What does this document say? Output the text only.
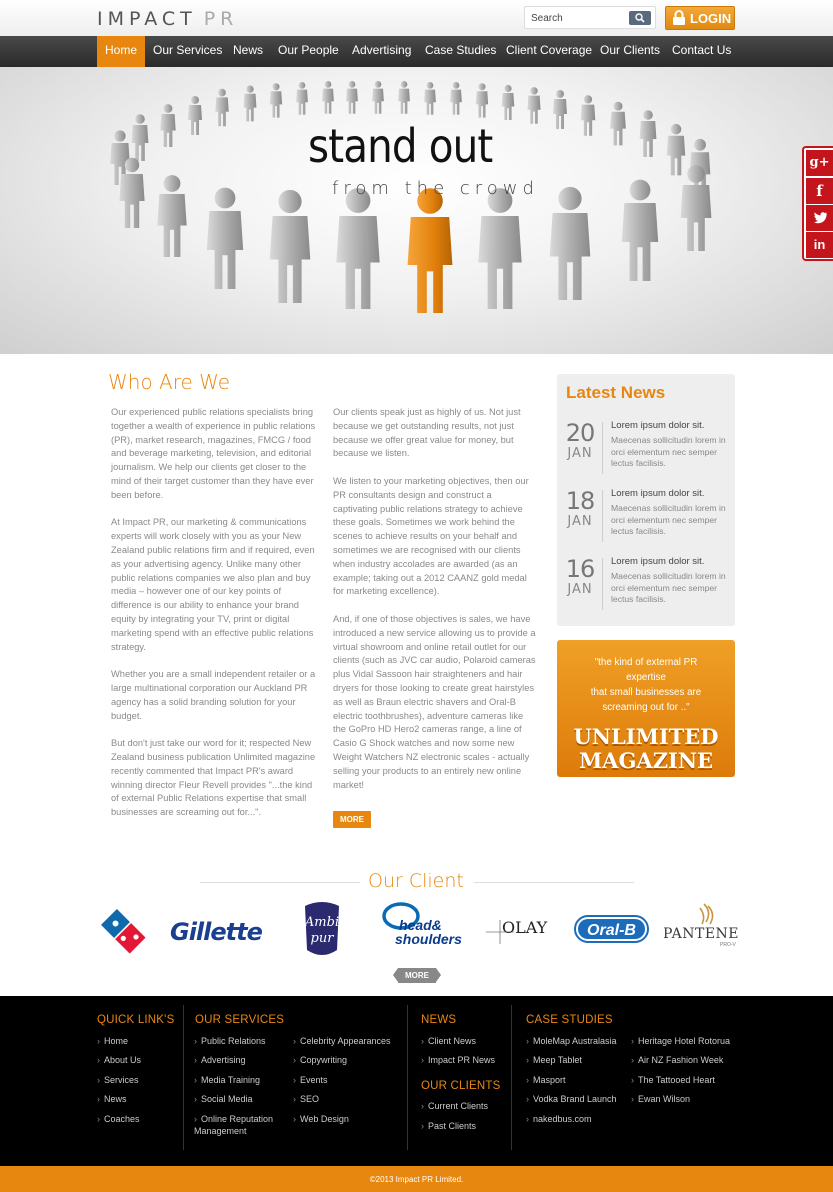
IMPACT  PR
Search	LOGIN
Home	Our Services News	Our People	Advertising	Case Studies Client Coverage Our Clients Contact Us
stand out
from the crowd
g+
f
in
Who Are We

Our experienced public relations specialists bring together a wealth of experience in public relations (PR), market research, magazines, FMCG / food and beverage marketing, television, and editorial journalism. We help our clients get closer to the mind of their target customer than they have ever been before.

At Impact PR, our marketing & communications experts will work closely with you as your New Zealand public relations firm and if required, even as your advertising agency. Unlike many other public relations companies we also plan and buy media – however one of our key points of difference is our ability to enhance your brand equity by integrating your TV, print or digital marketing spend with an effective public relations strategy.

Whether you are a small independent retailer or a large multinational corporation our Auckland PR agency has a solid branding solution for your budget.

But don't just take our word for it; respected New Zealand business publication Unlimited magazine recently commented that Impact PR's award winning director Fleur Revell provides "...the kind of external Public Relations expertise that small businesses are screaming out for...".

Our clients speak just as highly of us. Not just because we get outstanding results, not just because we offer great value for money, but because we listen.

We listen to your marketing objectives, then our PR consultants design and construct a captivating public relations strategy to achieve these goals. Sometimes we work behind the scenes to achieve results on your behalf and sometimes we are recognised with our clients when industry accolades are awarded (as an example; taking out a 2012 CAANZ gold medal for marketing excellence).

And, if one of those objectives is sales, we have introduced a new service allowing us to provide a virtual showroom and online retail outlet for our clients (such as JVC car audio, Polaroid cameras plus Vidal Sassoon hair straighteners and hair dryers for those looking to create great hairstyles as well as Braun electric shavers and Oral-B electric toothbrushes), adventure cameras like the GoPro HD Hero2 cameras range, a line of Casio G Shock watches and now some new Weight Watchers NZ electronic scales - actually selling your products to an entirely new online market!

MORE
Latest News
20
JAN
Lorem ipsum dolor sit.
Maecenas sollicitudin lorem in orci elementum nec semper lectus facilisis.
18
JAN
Lorem ipsum dolor sit.
Maecenas sollicitudin lorem in orci elementum nec semper lectus facilisis.
16
JAN
Lorem ipsum dolor sit.
Maecenas sollicitudin lorem in orci elementum nec semper lectus facilisis.
"the kind of external PR
expertise
that small businesses are
screaming out for .."
UNLIMITED
MAGAZINE
Our Client
Gillette	Ambi
pur
head&
shoulders
OLAY Oral-B PANTENE
PRO-V
MORE
QUICK LINK'S
› Home
› About Us
› Services
› News
› Coaches
OUR SERVICES
› Public Relations
› Advertising
› Media Training
› Social Media
› Online Reputation Management
› Celebrity Appearances
› Copywriting
› Events
› SEO
› Web Design
NEWS
› Client News
› Impact PR News
OUR CLIENTS
› Current Clients
› Past Clients
CASE STUDIES
› MoleMap Australasia
› Meep Tablet
› Masport
› Vodka Brand Launch
› nakedbus.com
› Heritage Hotel Rotorua
› Air NZ Fashion Week
› The Tattooed Heart
› Ewan Wilson
©2013 Impact PR Limited.
